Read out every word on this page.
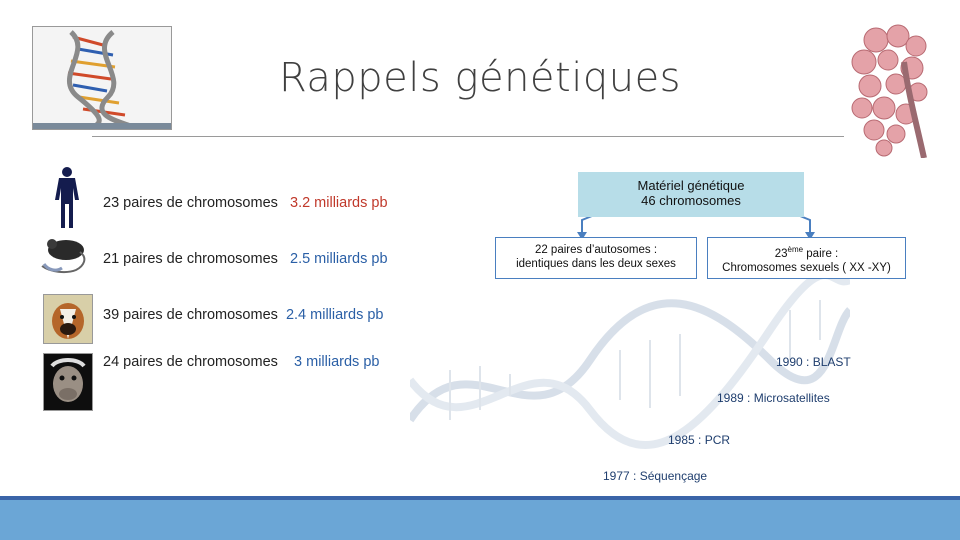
Rappels génétiques
23 paires de chromosomes 3.2 milliards pb
21 paires de chromosomes 2.5 milliards pb
39 paires de chromosomes 2.4 milliards pb
24 paires de chromosomes 3 milliards pb
Matériel génétique
46 chromosomes
22 paires d’autosomes :
identiques dans les deux sexes
23ème paire :
Chromosomes sexuels ( XX -XY)
1990 : BLAST
1989 : Microsatellites
1985 : PCR
1977 : Séquençage
